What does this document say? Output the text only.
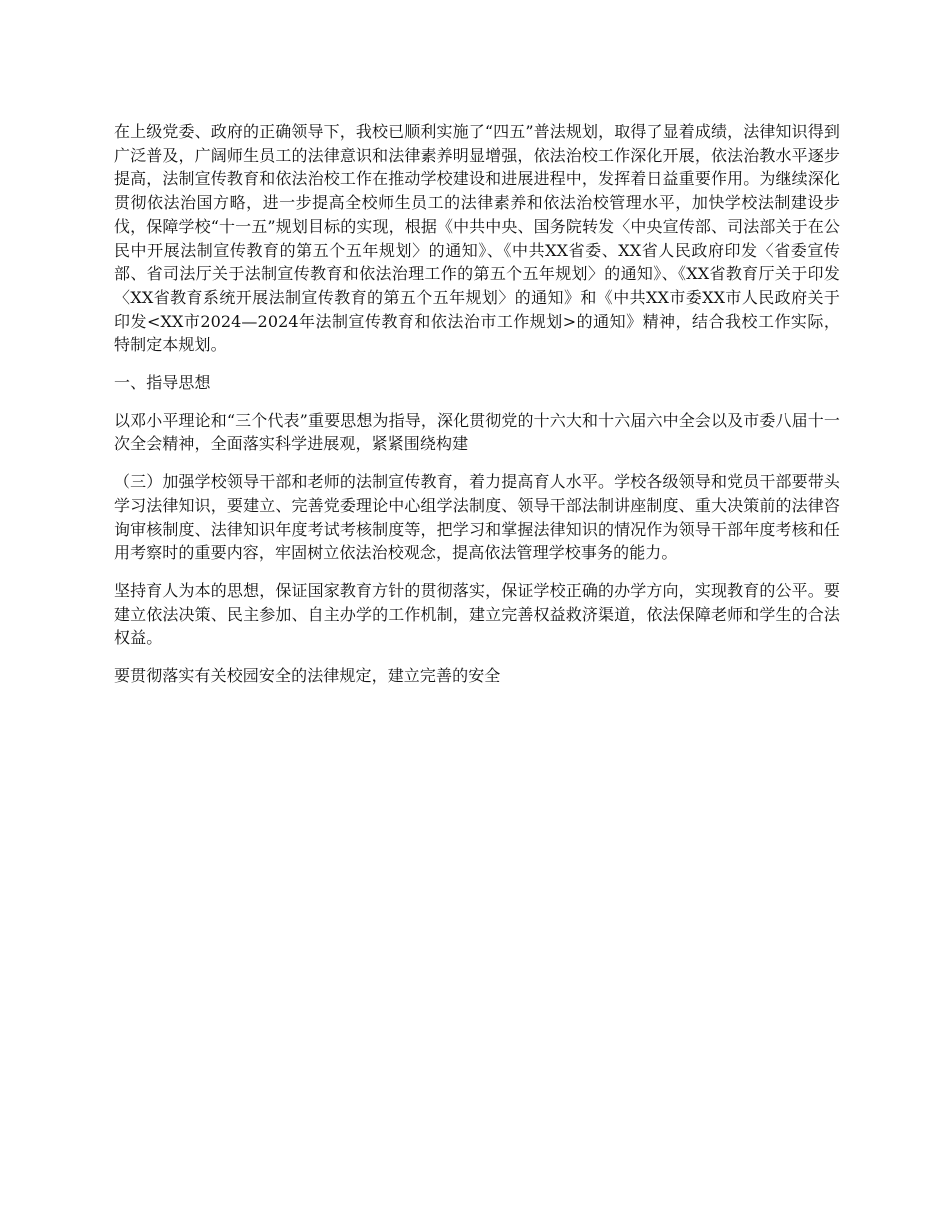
在上级党委、政府的正确领导下，我校已顺利实施了“四五”普法规划，取得了显着成绩，法律知识得到广泛普及，广阔师生员工的法律意识和法律素养明显增强，依法治校工作深化开展，依法治教水平逐步提高，法制宣传教育和依法治校工作在推动学校建设和进展进程中，发挥着日益重要作用。为继续深化贯彻依法治国方略，进一步提高全校师生员工的法律素养和依法治校管理水平，加快学校法制建设步伐，保障学校“十一五”规划目标的实现，根据《中共中央、国务院转发〈中央宣传部、司法部关于在公民中开展法制宣传教育的第五个五年规划〉的通知》、《中共XX省委、XX省人民政府印发〈省委宣传部、省司法厅关于法制宣传教育和依法治理工作的第五个五年规划〉的通知》、《XX省教育厅关于印发〈XX省教育系统开展法制宣传教育的第五个五年规划〉的通知》和《中共XX市委XX市人民政府关于印发<XX市2024—2024年法制宣传教育和依法治市工作规划>的通知》精神，结合我校工作实际，特制定本规划。

一、指导思想

以邓小平理论和“三个代表”重要思想为指导，深化贯彻党的十六大和十六届六中全会以及市委八届十一次全会精神，全面落实科学进展观，紧紧围绕构建

（三）加强学校领导干部和老师的法制宣传教育，着力提高育人水平。学校各级领导和党员干部要带头学习法律知识，要建立、完善党委理论中心组学法制度、领导干部法制讲座制度、重大决策前的法律咨询审核制度、法律知识年度考试考核制度等，把学习和掌握法律知识的情况作为领导干部年度考核和任用考察时的重要内容，牢固树立依法治校观念，提高依法管理学校事务的能力。

坚持育人为本的思想，保证国家教育方针的贯彻落实，保证学校正确的办学方向，实现教育的公平。要建立依法决策、民主参加、自主办学的工作机制，建立完善权益救济渠道，依法保障老师和学生的合法权益。

要贯彻落实有关校园安全的法律规定，建立完善的安全
